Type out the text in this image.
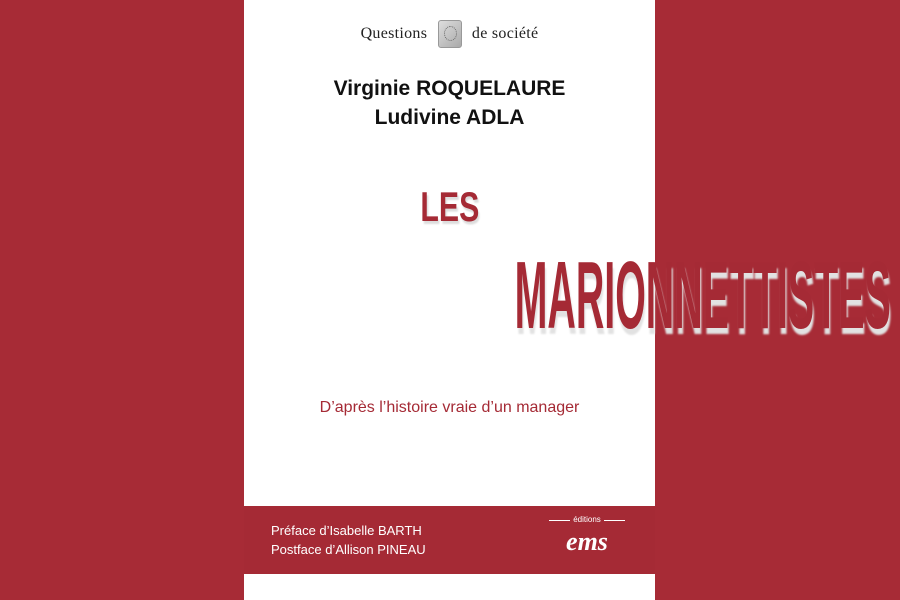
Questions	de société
Virginie ROQUELAURE
Ludivine ADLA
LES
MARIONNETTISTES
D’après l’histoire vraie d’un manager
Préface d’Isabelle BARTH
Postface d’Allison PINEAU
éditions
ems
